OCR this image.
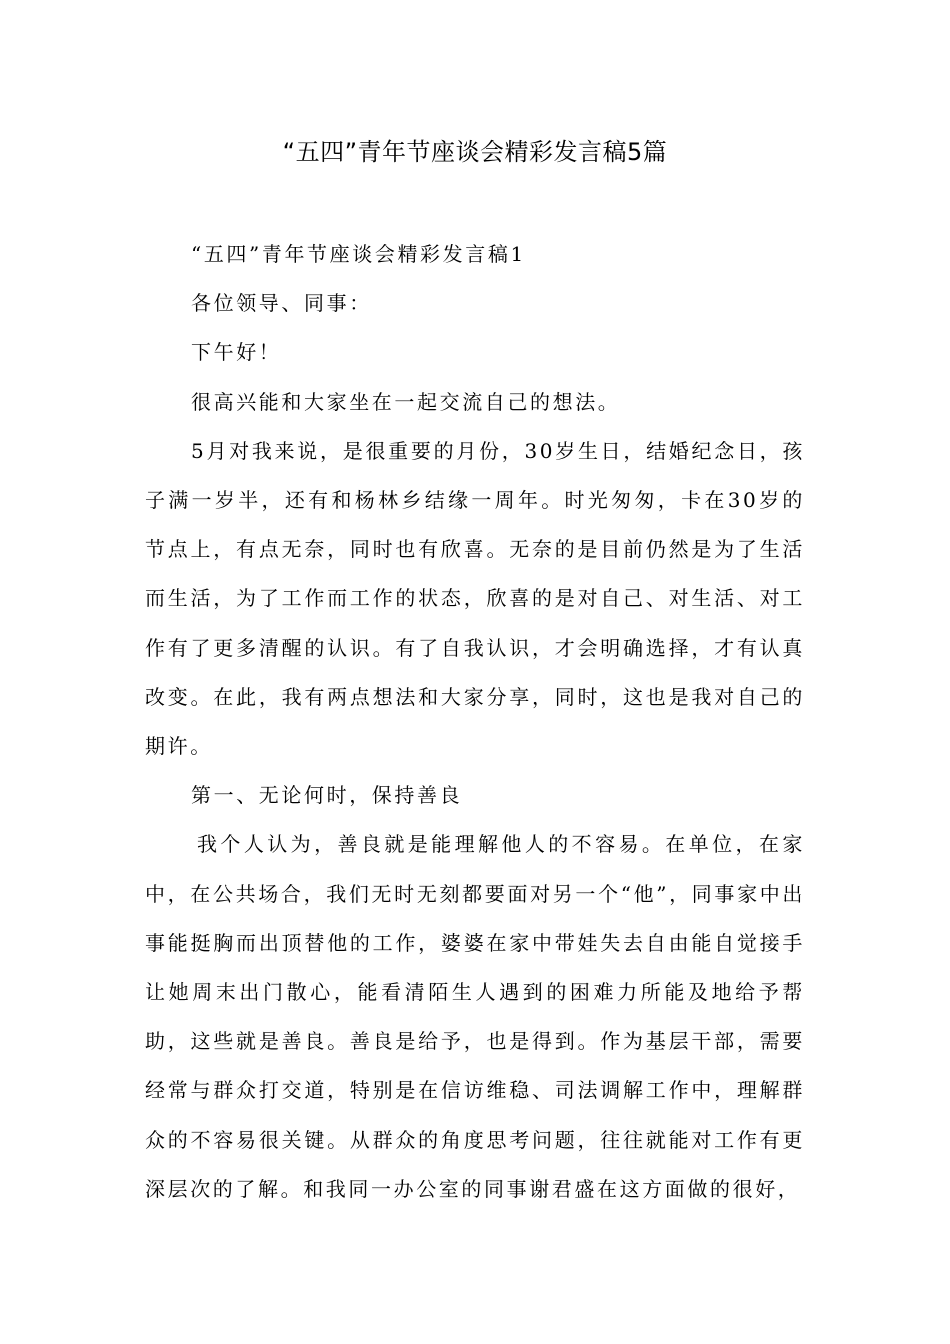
“五四”青年节座谈会精彩发言稿5篇

“五四”青年节座谈会精彩发言稿1

各位领导、同事：

下午好！

很高兴能和大家坐在一起交流自己的想法。

5月对我来说，是很重要的月份，30岁生日，结婚纪念日，孩子满一岁半，还有和杨林乡结缘一周年。时光匆匆，卡在30岁的节点上，有点无奈，同时也有欣喜。无奈的是目前仍然是为了生活而生活，为了工作而工作的状态，欣喜的是对自己、对生活、对工作有了更多清醒的认识。有了自我认识，才会明确选择，才有认真改变。在此，我有两点想法和大家分享，同时，这也是我对自己的期许。

第一、无论何时，保持善良

我个人认为，善良就是能理解他人的不容易。在单位，在家中，在公共场合，我们无时无刻都要面对另一个“他”，同事家中出事能挺胸而出顶替他的工作，婆婆在家中带娃失去自由能自觉接手让她周末出门散心，能看清陌生人遇到的困难力所能及地给予帮助，这些就是善良。善良是给予，也是得到。作为基层干部，需要经常与群众打交道，特别是在信访维稳、司法调解工作中，理解群众的不容易很关键。从群众的角度思考问题，往往就能对工作有更深层次的了解。和我同一办公室的同事谢君盛在这方面做的很好，
